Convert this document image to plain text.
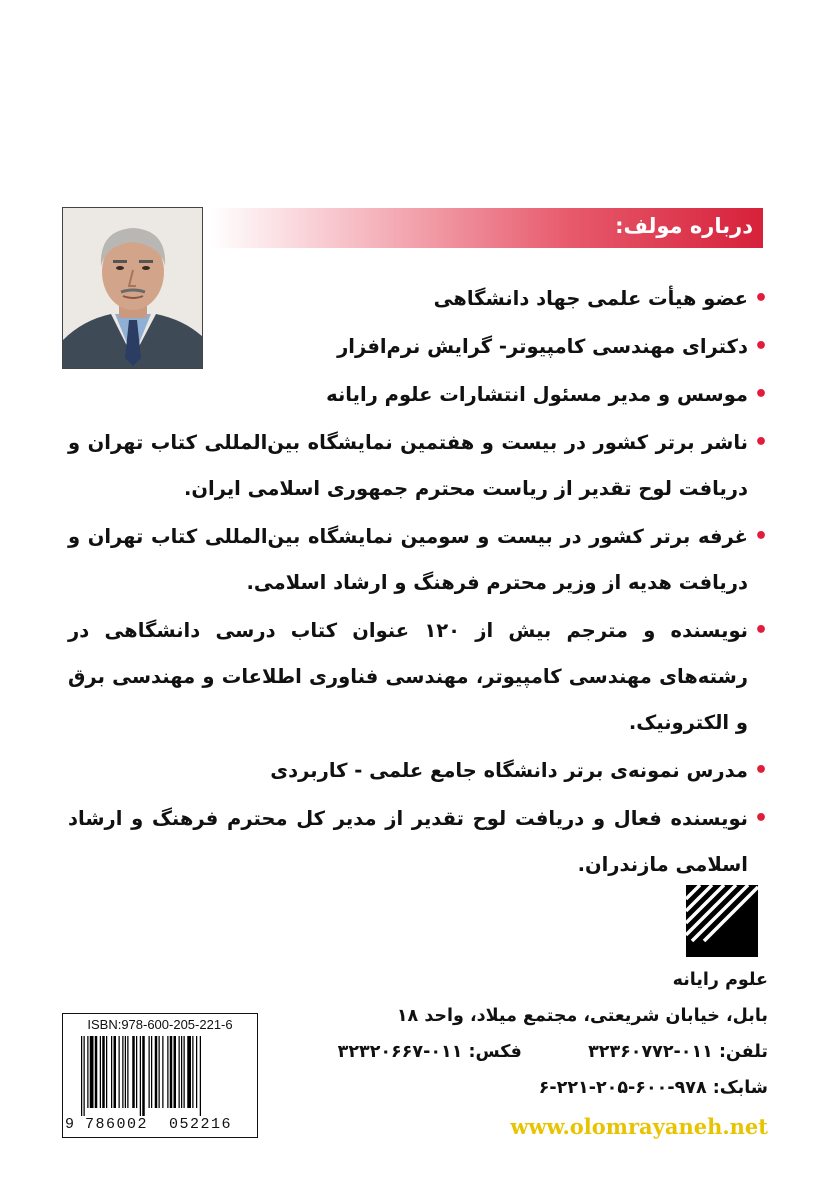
درباره مولف:
•
عضو هیأت علمی جهاد دانشگاهی
•
دکترای مهندسی کامپیوتر- گرایش نرم‌افزار
•
موسس و مدیر مسئول انتشارات علوم رایانه
•
ناشر برتر کشور در بیست و هفتمین نمایشگاه بین‌المللی کتاب تهران و دریافت لوح تقدیر از ریاست محترم جمهوری اسلامی ایران.
•
غرفه برتر کشور در بیست و سومین نمایشگاه بین‌المللی کتاب تهران و دریافت هدیه از وزیر محترم فرهنگ و ارشاد اسلامی.
•
نویسنده و مترجم بیش از ۱۲۰ عنوان کتاب درسی دانشگاهی در رشته‌های مهندسی کامپیوتر، مهندسی فناوری اطلاعات و مهندسی برق و الکترونیک.
•
مدرس نمونه‌ی برتر دانشگاه جامع علمی - کاربردی
•
نویسنده فعال و دریافت لوح تقدیر از مدیر کل محترم فرهنگ و ارشاد اسلامی مازندران.
علوم رایانه
بابل، خیابان شریعتی، مجتمع میلاد، واحد ۱۸
تلفن: ۰۱۱-۳۲۳۶۰۷۷۲  فکس: ۰۱۱-۳۲۳۲۰۶۶۷
شابک: ۹۷۸-۶۰۰-۲۰۵-۲۲۱-۶
www.olomrayaneh.net
ISBN:978-600-205-221-6
9 786002 052216
